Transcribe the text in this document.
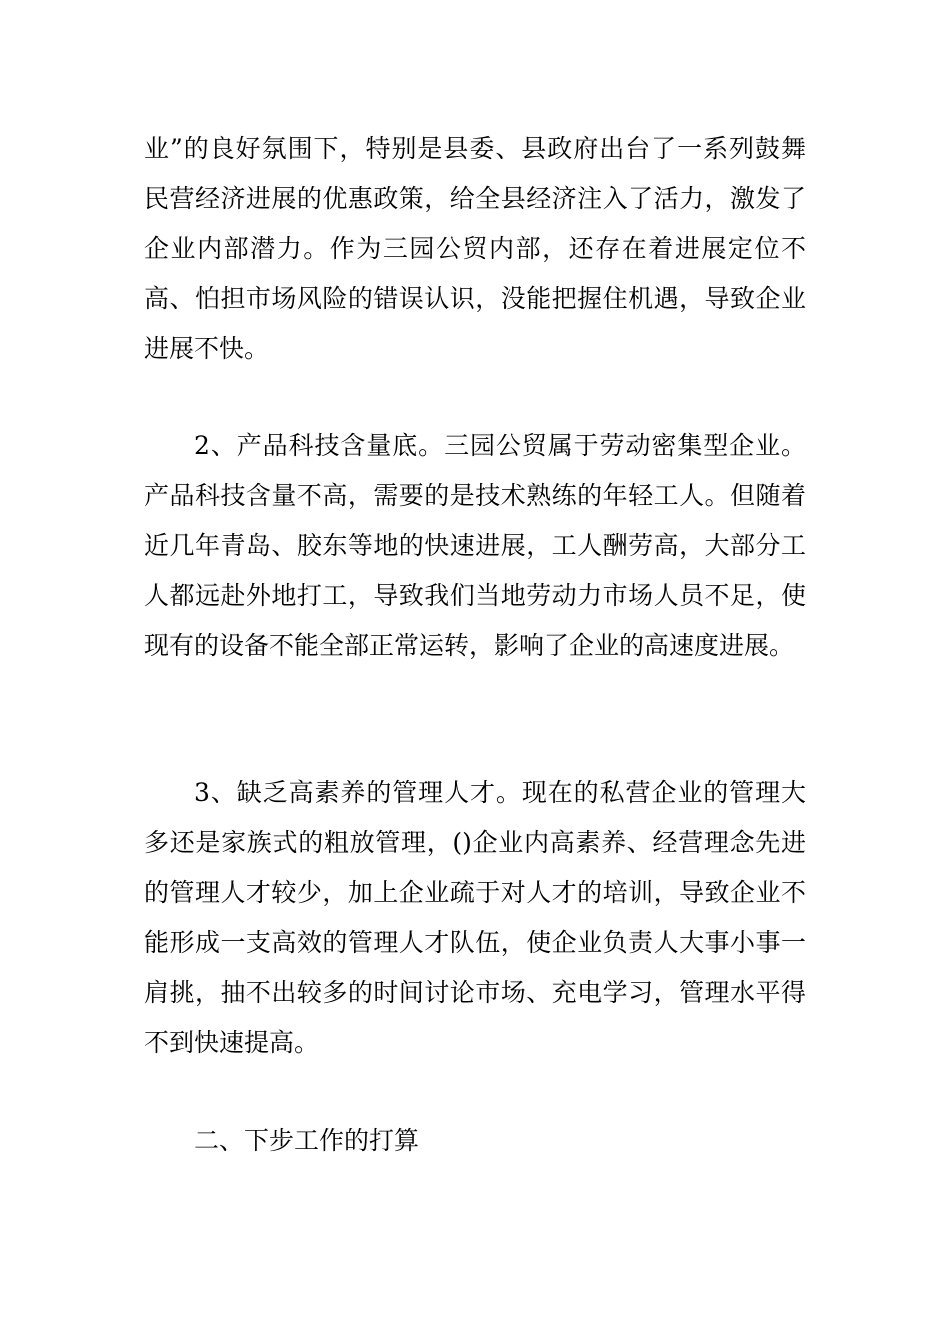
业”的良好氛围下，特别是县委、县政府出台了一系列鼓舞民营经济进展的优惠政策，给全县经济注入了活力，激发了企业内部潜力。作为三园公贸内部，还存在着进展定位不高、怕担市场风险的错误认识，没能把握住机遇，导致企业进展不快。

2、产品科技含量底。三园公贸属于劳动密集型企业。产品科技含量不高，需要的是技术熟练的年轻工人。但随着近几年青岛、胶东等地的快速进展，工人酬劳高，大部分工人都远赴外地打工，导致我们当地劳动力市场人员不足，使现有的设备不能全部正常运转，影响了企业的高速度进展。

3、缺乏高素养的管理人才。现在的私营企业的管理大多还是家族式的粗放管理，()企业内高素养、经营理念先进的管理人才较少，加上企业疏于对人才的培训，导致企业不能形成一支高效的管理人才队伍，使企业负责人大事小事一肩挑，抽不出较多的时间讨论市场、充电学习，管理水平得不到快速提高。

二、下步工作的打算
